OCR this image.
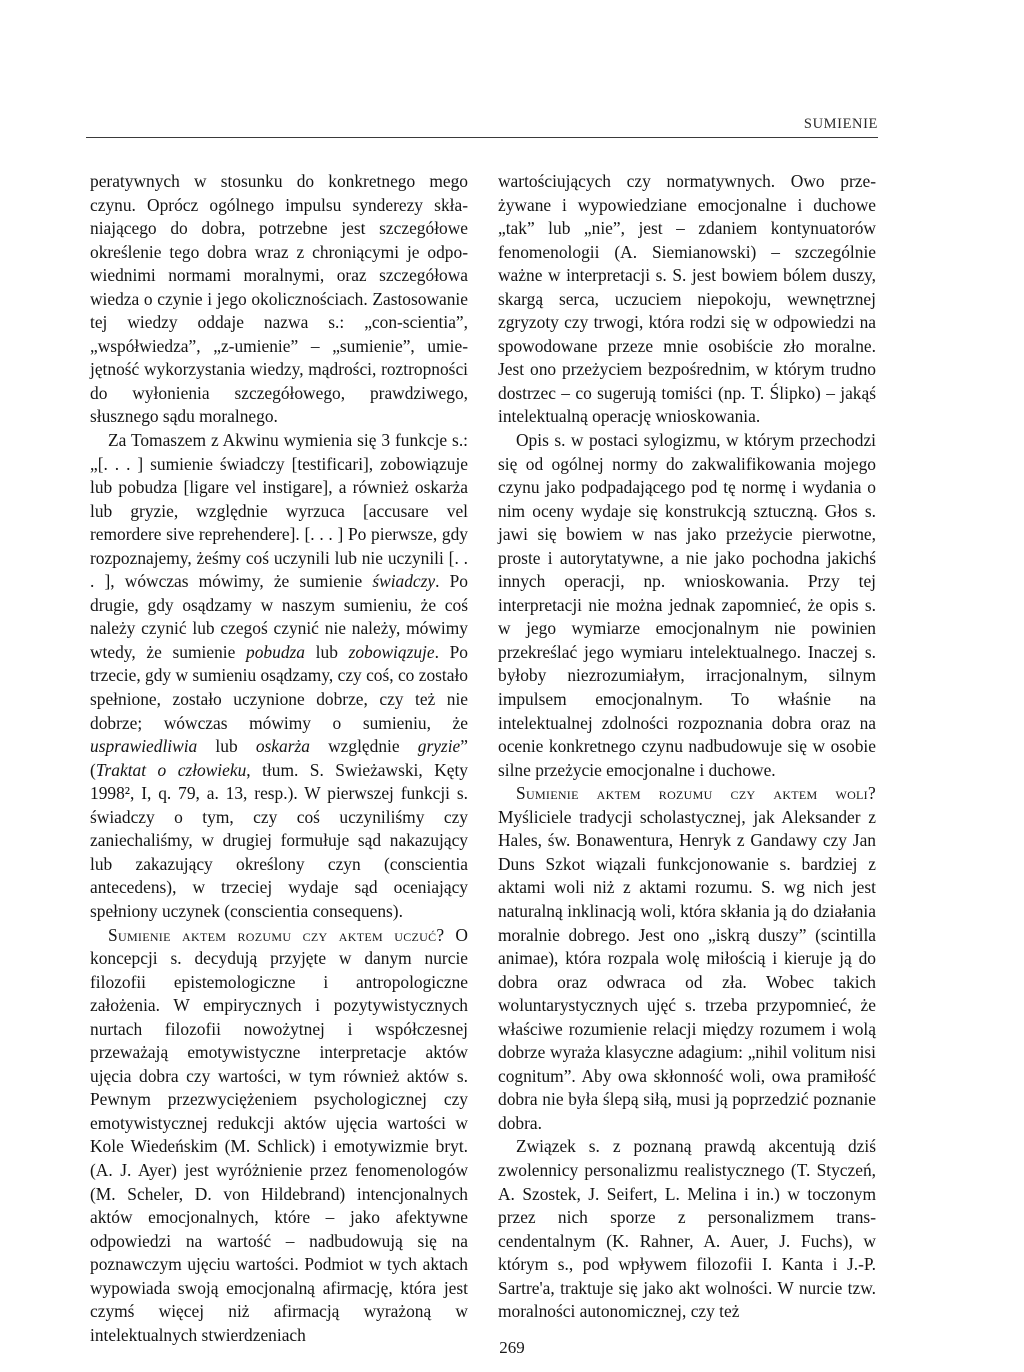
SUMIENIE

peratywnych w stosunku do konkretnego mego czynu. Oprócz ogólnego impulsu synderezy skłaniającego do dobra, potrzebne jest szczegółowe określenie tego dobra wraz z chroniącymi je odpowiednimi normami moralnymi, oraz szczegółowa wiedza o czynie i jego okolicznościach. Zastosowanie tej wiedzy oddaje nazwa s.: „con-scientia”, „współwiedza”, „z-umienie” – „sumienie”, umiejętność wykorzystania wiedzy, mądrości, roztropności do wyłonienia szczegółowego, prawdziwego, słusznego sądu moralnego.

Za Tomaszem z Akwinu wymienia się 3 funkcje s.: „[. . . ] sumienie świadczy [testificari], zobowiązuje lub pobudza [ligare vel instigare], a również oskarża lub gryzie, względnie wyrzuca [accusare vel remordere sive reprehendere]. [. . . ] Po pierwsze, gdy rozpoznajemy, żeśmy coś uczynili lub nie uczynili [. . . ], wówczas mówimy, że sumienie świadczy. Po drugie, gdy osądzamy w naszym sumieniu, że coś należy czynić lub czegoś czynić nie należy, mówimy wtedy, że sumienie pobudza lub zobowiązuje. Po trzecie, gdy w sumieniu osądzamy, czy coś, co zostało spełnione, zostało uczynione dobrze, czy też nie dobrze; wówczas mówimy o sumieniu, że usprawiedliwia lub oskarża względnie gryzie” (Traktat o człowieku, tłum. S. Swieżawski, Kęty 1998², I, q. 79, a. 13, resp.). W pierwszej funkcji s. świadczy o tym, czy coś uczyniliśmy czy zaniechaliśmy, w drugiej formułuje sąd nakazujący lub zakazujący określony czyn (conscientia antecedens), w trzeciej wydaje sąd oceniający spełniony uczynek (conscientia consequens).

Sumienie aktem rozumu czy aktem uczuć? O koncepcji s. decydują przyjęte w danym nurcie filozofii epistemologiczne i antropologiczne założenia. W empirycznych i pozytywistycznych nurtach filozofii nowożytnej i współczesnej przeważają emotywistyczne interpretacje aktów ujęcia dobra czy wartości, w tym również aktów s. Pewnym przezwyciężeniem psychologicznej czy emotywistycznej redukcji aktów ujęcia wartości w Kole Wiedeńskim (M. Schlick) i emotywizmie bryt. (A. J. Ayer) jest wyróżnienie przez fenomenologów (M. Scheler, D. von Hildebrand) intencjonalnych aktów emocjonalnych, które – jako afektywne odpowiedzi na wartość – nadbudowują się na poznawczym ujęciu wartości. Podmiot w tych aktach wypowiada swoją emocjonalną afirmację, która jest czymś więcej niż afirmacją wyrażoną w intelektualnych stwierdzeniach

wartościujących czy normatywnych. Owo przeżywane i wypowiedziane emocjonalne i duchowe „tak” lub „nie”, jest – zdaniem kontynuatorów fenomenologii (A. Siemianowski) – szczególnie ważne w interpretacji s. S. jest bowiem bólem duszy, skargą serca, uczuciem niepokoju, wewnętrznej zgryzoty czy trwogi, która rodzi się w odpowiedzi na spowodowane przeze mnie osobiście zło moralne. Jest ono przeżyciem bezpośrednim, w którym trudno dostrzec – co sugerują tomiści (np. T. Ślipko) – jakąś intelektualną operację wnioskowania.

Opis s. w postaci sylogizmu, w którym przechodzi się od ogólnej normy do zakwalifikowania mojego czynu jako podpadającego pod tę normę i wydania o nim oceny wydaje się konstrukcją sztuczną. Głos s. jawi się bowiem w nas jako przeżycie pierwotne, proste i autorytatywne, a nie jako pochodna jakichś innych operacji, np. wnioskowania. Przy tej interpretacji nie można jednak zapomnieć, że opis s. w jego wymiarze emocjonalnym nie powinien przekreślać jego wymiaru intelektualnego. Inaczej s. byłoby niezrozumiałym, irracjonalnym, silnym impulsem emocjonalnym. To właśnie na intelektualnej zdolności rozpoznania dobra oraz na ocenie konkretnego czynu nadbudowuje się w osobie silne przeżycie emocjonalne i duchowe.

Sumienie aktem rozumu czy aktem woli? Myśliciele tradycji scholastycznej, jak Aleksander z Hales, św. Bonawentura, Henryk z Gandawy czy Jan Duns Szkot wiązali funkcjonowanie s. bardziej z aktami woli niż z aktami rozumu. S. wg nich jest naturalną inklinacją woli, która skłania ją do działania moralnie dobrego. Jest ono „iskrą duszy” (scintilla animae), która rozpala wolę miłością i kieruje ją do dobra oraz odwraca od zła. Wobec takich woluntarystycznych ujęć s. trzeba przypomnieć, że właściwe rozumienie relacji między rozumem i wolą dobrze wyraża klasyczne adagium: „nihil volitum nisi cognitum”. Aby owa skłonność woli, owa pramiłość dobra nie była ślepą siłą, musi ją poprzedzić poznanie dobra.

Związek s. z poznaną prawdą akcentują dziś zwolennicy personalizmu realistycznego (T. Styczeń, A. Szostek, J. Seifert, L. Melina i in.) w toczonym przez nich sporze z personalizmem transcendentalnym (K. Rahner, A. Auer, J. Fuchs), w którym s., pod wpływem filozofii I. Kanta i J.-P. Sartre'a, traktuje się jako akt wolności. W nurcie tzw. moralności autonomicznej, czy też

269
